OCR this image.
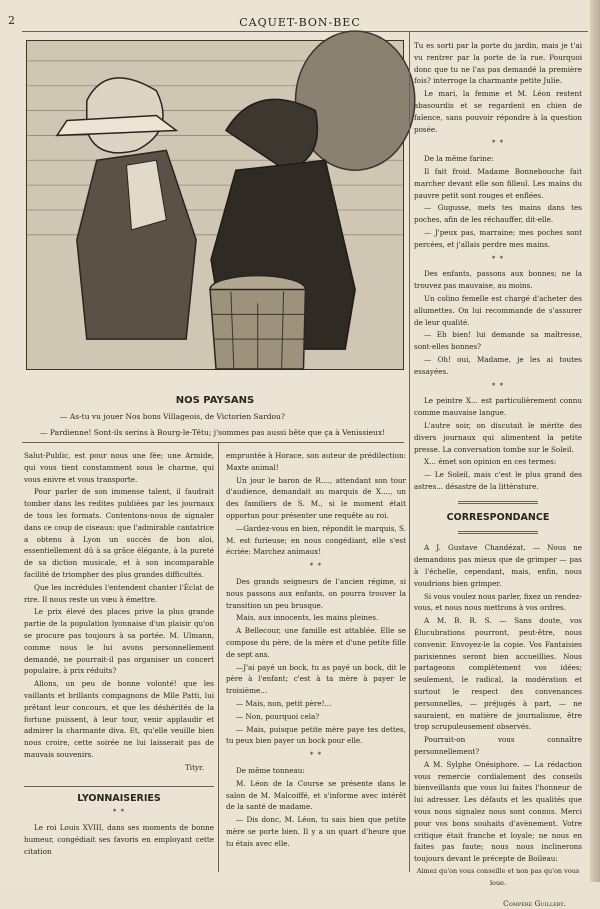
2	CAQUET-BON-BEC
NOS PAYSANS
— As-tu vu jouer Nos bons Villageois, de Victorien Sardou?
— Pardienne! Sont-ils serins à Bourg-le-Têtu; j'sommes pas aussi bête que ça à Venissieux!

Salut-Public, est pour nous une fée; une Armide, qui vous tient constamment sous le charme, qui vous enivre et vous transporte.

Pour parler de son immense talent, il faudrait tomber dans les redites publiées par les journaux de tous les formats. Contentons-nous de signaler dans ce coup de ciseaux: que l'admirable cantatrice a obtenu à Lyon un succès de bon aloi, essentiellement dû à sa grâce élégante, à la pureté de sa diction musicale, et à son incomparable facilité de triompher des plus grandes difficultés.

Que les incrédules l'entendent chanter l'Éclat de rire. Il nous reste un vœu à émettre.

Le prix élevé des places prive la plus grande partie de la population lyonnaise d'un plaisir qu'on se procure pas toujours à sa portée. M. Ulmann, comme nous le lui avons personnellement demandé, ne pourrait-il pas organiser un concert populaire, à prix réduits?

Allons, un peu de bonne volonté! que les vaillants et brillants compagnons de Mlle Patti, lui prêtant leur concours, et que les déshérités de la fortune puissent, à leur tour, venir applaudir et admirer la charmante diva. Et, qu'elle veuille bien nous croire, cette soirée ne lui laisserait pas de mauvais souvenirs.

Tityr.
LYONNAISERIES
* *

Le roi Louis XVIII, dans ses moments de bonne humeur, congédiait ses favoris en employant cette citation

empruntée à Horace, son auteur de prédilection: Maxte animal!

Un jour le baron de R...., attendant son tour d'audience, demandait au marquis de X...., un des familiers de S. M., si le moment était opportun pour présenter une requête au roi.

—Gardez-vous en bien, répondit le marquis, S. M. est furieuse; en nous congédiant, elle s'est écriée: Marchez animaux!

* *

Des grands seigneurs de l'ancien régime, si nous passons aux enfants, on pourra trouver la transition un peu brusque.

Mais, aux innocents, les mains pleines.

A Bellecour, une famille est attablée. Elle se compose du père, de la mère et d'une petite fille de sept ans.

—J'ai payé un bock, tu as payé un bock, dit le père à l'enfant; c'est à ta mère à payer le troisième...

— Mais, non, petit père!...

— Non, pourquoi cela?

— Mais, puisque petite mère paye tes dettes, tu peux bien payer un bock pour elle.

* *

De même tonneau:

M. Léon de la Course se présente dans le salon de M. Malcoiffé, et s'informe avec intérêt de la santé de madame.

— Dis donc, M. Léon, tu sais bien que petite mère se porte bien. Il y a un quart d'heure que tu étais avec elle.

Tu es sorti par la porte du jardin, mais je t'ai vu rentrer par la porte de la rue. Pourquoi donc que tu ne l'as pas demandé la première fois? interroge la charmante petite Julie.

Le mari, la femme et M. Léon restent abasourdis et se regardent en chien de faïence, sans pouvoir répondre à la question posée.

* *

De la même farine:

Il fait froid. Madame Bonnebouche fait marcher devant elle son filleul. Les mains du pauvre petit sont rouges et enflées.

— Gugusse, mets tes mains dans tes poches, afin de les réchauffer, dit-elle.

— J'peux pas, marraine; mes poches sont percées, et j'allais perdre mes mains.

* *

Des enfants, passons aux bonnes; ne la trouvez pas mauvaise, au moins.

Un colino femelle est chargé d'acheter des allumettes. On lui recommande de s'assurer de leur qualité.

— Eh bien! lui demande sa maîtresse, sont-elles bonnes?

— Oh! oui, Madame, je les ai toutes essayées.

* *

Le peintre X... est particulièrement connu comme mauvaise langue.

L'autre soir, on discutait le mérite des divers journaux qui alimentent la petite presse. La conversation tombe sur le Soleil.

X... émet son opinion en ces termes:

— Le Soleil, mais c'est le plus grand des astres... désastre de la littérature.

CORRESPONDANCE

A J. Gustave Chandézat. — Nous ne demandons pas mieux que de grimper — pas à l'échelle, cependant, mais, enfin, nous voudrions bien grimper.

Si vous voulez nous parler, fixez un rendez-vous, et nous nous mettrons à vos ordres.

A M. B. R. S. — Sans doute, vos Élucubrations pourront, peut-être, nous convenir. Envoyez-le la copie. Vos Fantaisies parisiennes seront bien accueillies. Nous partageons complètement vos idées; seulement, le radical, la modération et surtout le respect des convenances personnelles, — préjugés à part, — ne sauraient, en matière de journalisme, être trop scrupuleusement observés.

Pourrait-on vous connaître personnellement?

A M. Sylphe Onésiphore. — La rédaction vous remercie cordialement des conseils bienveillants que vous lui faites l'honneur de lui adresser. Les défauts et les qualités que vous nous signalez nous sont connus. Merci pour vos bons souhaits d'avènement. Votre critique était franche et loyale; ne nous en faites pas faute; nous nous inclinerons toujours devant le précepte de Boileau:

Aimez qu'on vous conseille et non pas qu'on vous loue.

Compère Guillery.
